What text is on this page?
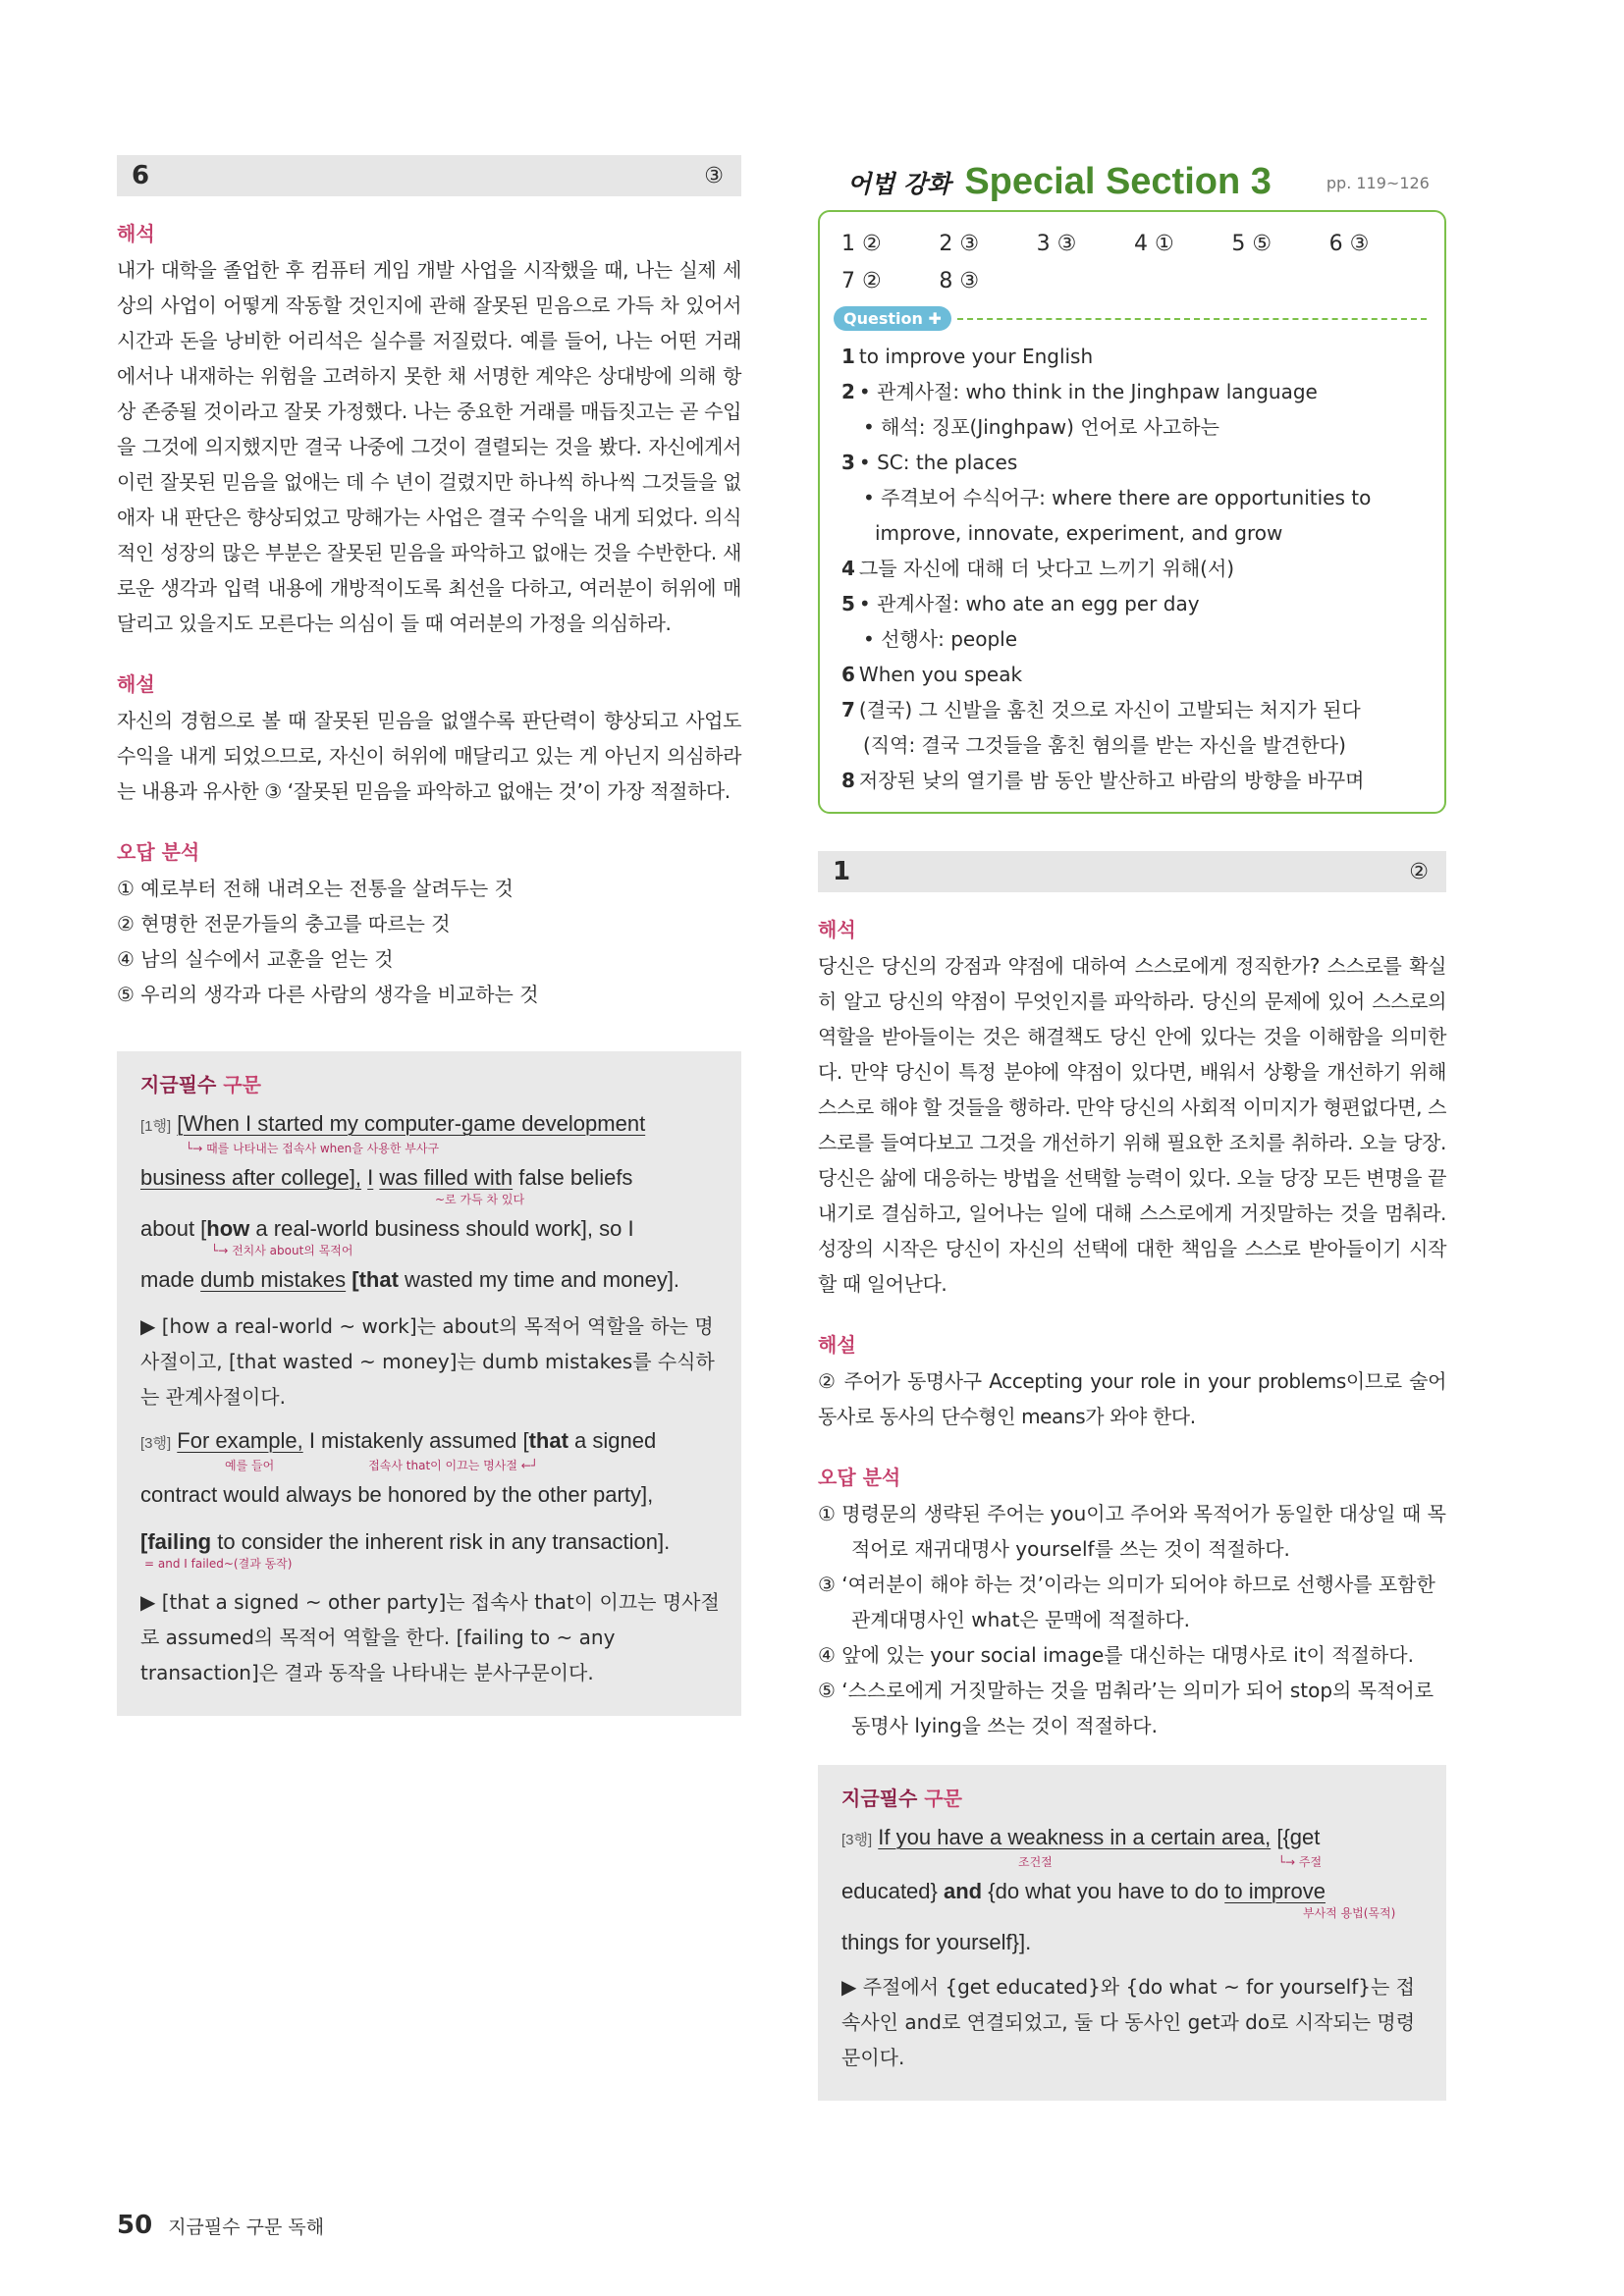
6	③
해석
내가 대학을 졸업한 후 컴퓨터 게임 개발 사업을 시작했을 때, 나는 실제 세상의 사업이 어떻게 작동할 것인지에 관해 잘못된 믿음으로 가득 차 있어서 시간과 돈을 낭비한 어리석은 실수를 저질렀다. 예를 들어, 나는 어떤 거래에서나 내재하는 위험을 고려하지 못한 채 서명한 계약은 상대방에 의해 항상 존중될 것이라고 잘못 가정했다. 나는 중요한 거래를 매듭짓고는 곧 수입을 그것에 의지했지만 결국 나중에 그것이 결렬되는 것을 봤다. 자신에게서 이런 잘못된 믿음을 없애는 데 수 년이 걸렸지만 하나씩 하나씩 그것들을 없애자 내 판단은 향상되었고 망해가는 사업은 결국 수익을 내게 되었다. 의식적인 성장의 많은 부분은 잘못된 믿음을 파악하고 없애는 것을 수반한다. 새로운 생각과 입력 내용에 개방적이도록 최선을 다하고, 여러분이 허위에 매달리고 있을지도 모른다는 의심이 들 때 여러분의 가정을 의심하라.
해설
자신의 경험으로 볼 때 잘못된 믿음을 없앨수록 판단력이 향상되고 사업도 수익을 내게 되었으므로, 자신이 허위에 매달리고 있는 게 아닌지 의심하라는 내용과 유사한 ③ ‘잘못된 믿음을 파악하고 없애는 것’이 가장 적절하다.
오답 분석
① 예로부터 전해 내려오는 전통을 살려두는 것
② 현명한 전문가들의 충고를 따르는 것
④ 남의 실수에서 교훈을 얻는 것
⑤ 우리의 생각과 다른 사람의 생각을 비교하는 것
지금필수 구문
[1행] [When I started my computer-game development
└→ 때를 나타내는 접속사 when을 사용한 부사구
business after college], I was filled with false beliefs
~로 가득 차 있다
about [how a real-world business should work], so I
└→ 전치사 about의 목적어
made dumb mistakes [that wasted my time and money].
▶ [how a real-world ~ work]는 about의 목적어 역할을 하는 명사절이고, [that wasted ~ money]는 dumb mistakes를 수식하는 관계사절이다.
[3행] For example, I mistakenly assumed [that a signed
예를 들어	접속사 that이 이끄는 명사절 ←┘
contract would always be honored by the other party],
[failing to consider the inherent risk in any transaction].
= and I failed~(결과 동작)
▶ [that a signed ~ other party]는 접속사 that이 이끄는 명사절로 assumed의 목적어 역할을 한다. [failing to ~ any transaction]은 결과 동작을 나타내는 분사구문이다.
어법 강화 Special Section 3	pp. 119~126
1 ②	2 ③	3 ③	4 ①	5 ⑤	6 ③
7 ②	8 ③
Question ✚
1 to improve your English
2 • 관계사절: who think in the Jinghpaw language
• 해석: 징포(Jinghpaw) 언어로 사고하는
3 • SC: the places
• 주격보어 수식어구: where there are opportunities to
improve, innovate, experiment, and grow
4 그들 자신에 대해 더 낫다고 느끼기 위해(서)
5 • 관계사절: who ate an egg per day
• 선행사: people
6 When you speak
7 (결국) 그 신발을 훔친 것으로 자신이 고발되는 처지가 된다
(직역: 결국 그것들을 훔친 혐의를 받는 자신을 발견한다)
8 저장된 낮의 열기를 밤 동안 발산하고 바람의 방향을 바꾸며
1	②
해석
당신은 당신의 강점과 약점에 대하여 스스로에게 정직한가? 스스로를 확실히 알고 당신의 약점이 무엇인지를 파악하라. 당신의 문제에 있어 스스로의 역할을 받아들이는 것은 해결책도 당신 안에 있다는 것을 이해함을 의미한다. 만약 당신이 특정 분야에 약점이 있다면, 배워서 상황을 개선하기 위해 스스로 해야 할 것들을 행하라. 만약 당신의 사회적 이미지가 형편없다면, 스스로를 들여다보고 그것을 개선하기 위해 필요한 조치를 취하라. 오늘 당장. 당신은 삶에 대응하는 방법을 선택할 능력이 있다. 오늘 당장 모든 변명을 끝내기로 결심하고, 일어나는 일에 대해 스스로에게 거짓말하는 것을 멈춰라. 성장의 시작은 당신이 자신의 선택에 대한 책임을 스스로 받아들이기 시작할 때 일어난다.
해설
② 주어가 동명사구 Accepting your role in your problems이므로 술어 동사로 동사의 단수형인 means가 와야 한다.
오답 분석
① 명령문의 생략된 주어는 you이고 주어와 목적어가 동일한 대상일 때 목적어로 재귀대명사 yourself를 쓰는 것이 적절하다.
③ ‘여러분이 해야 하는 것’이라는 의미가 되어야 하므로 선행사를 포함한 관계대명사인 what은 문맥에 적절하다.
④ 앞에 있는 your social image를 대신하는 대명사로 it이 적절하다.
⑤ ‘스스로에게 거짓말하는 것을 멈춰라’는 의미가 되어 stop의 목적어로 동명사 lying을 쓰는 것이 적절하다.
지금필수 구문
[3행] If you have a weakness in a certain area, [{get
조건절	└→ 주절
educated} and {do what you have to do to improve
부사적 용법(목적)
things for yourself}].
▶ 주절에서 {get educated}와 {do what ~ for yourself}는 접속사인 and로 연결되었고, 둘 다 동사인 get과 do로 시작되는 명령문이다.
50 지금필수 구문 독해
